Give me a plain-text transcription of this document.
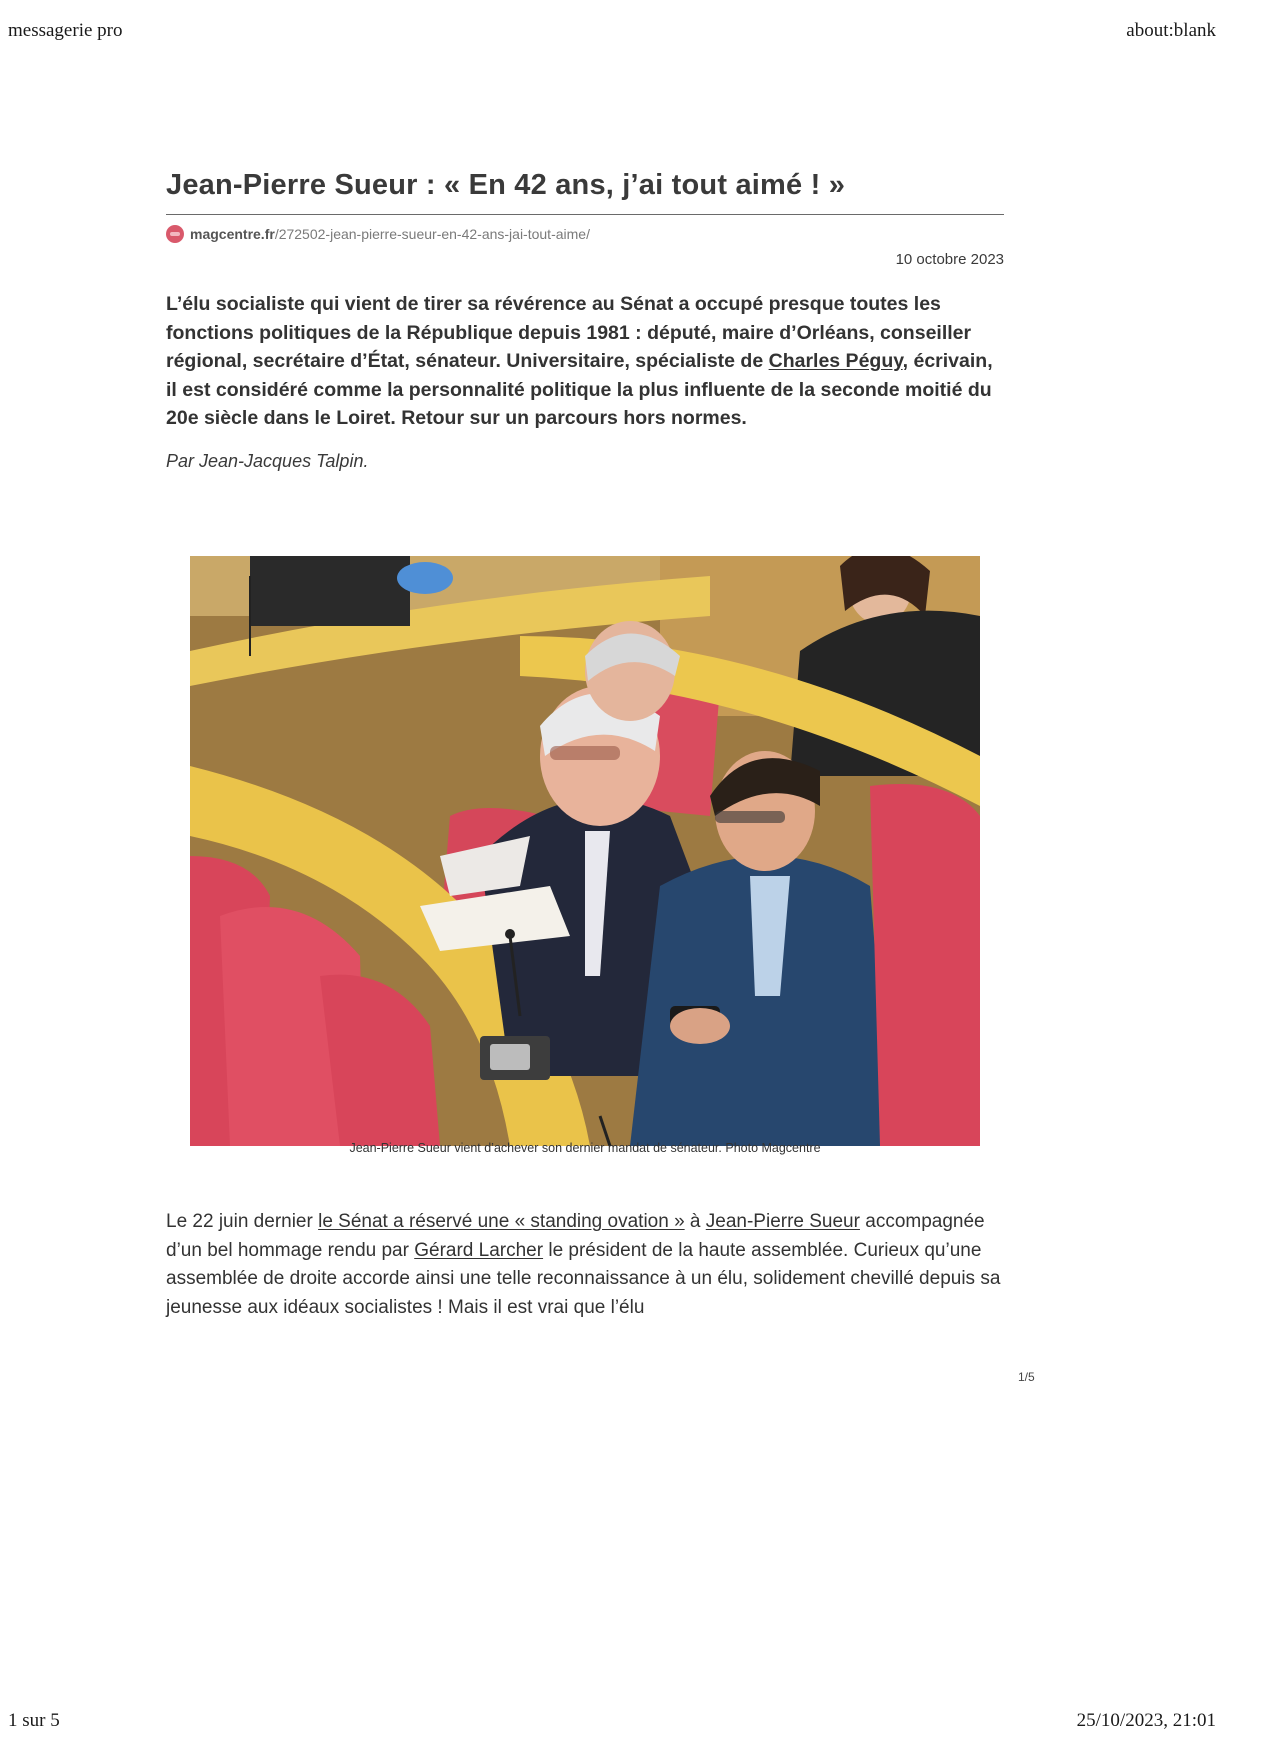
messagerie pro	about:blank
Jean-Pierre Sueur : « En 42 ans, j’ai tout aimé ! »
magcentre.fr /272502-jean-pierre-sueur-en-42-ans-jai-tout-aime/
10 octobre 2023
L’élu socialiste qui vient de tirer sa révérence au Sénat a occupé presque toutes les fonctions politiques de la République depuis 1981 : député, maire d’Orléans, conseiller régional, secrétaire d’État, sénateur. Universitaire, spécialiste de Charles Péguy, écrivain, il est considéré comme la personnalité politique la plus influente de la seconde moitié du 20e siècle dans le Loiret. Retour sur un parcours hors normes.
Par Jean-Jacques Talpin.
Jean-Pierre Sueur vient d’achever son dernier mandat de sénateur. Photo Magcentre
Le 22 juin dernier le Sénat a réservé une « standing ovation » à Jean-Pierre Sueur accompagnée d’un bel hommage rendu par Gérard Larcher le président de la haute assemblée. Curieux qu’une assemblée de droite accorde ainsi une telle reconnaissance à un élu, solidement chevillé depuis sa jeunesse aux idéaux socialistes ! Mais il est vrai que l’élu
1/5
1 sur 5	25/10/2023, 21:01
